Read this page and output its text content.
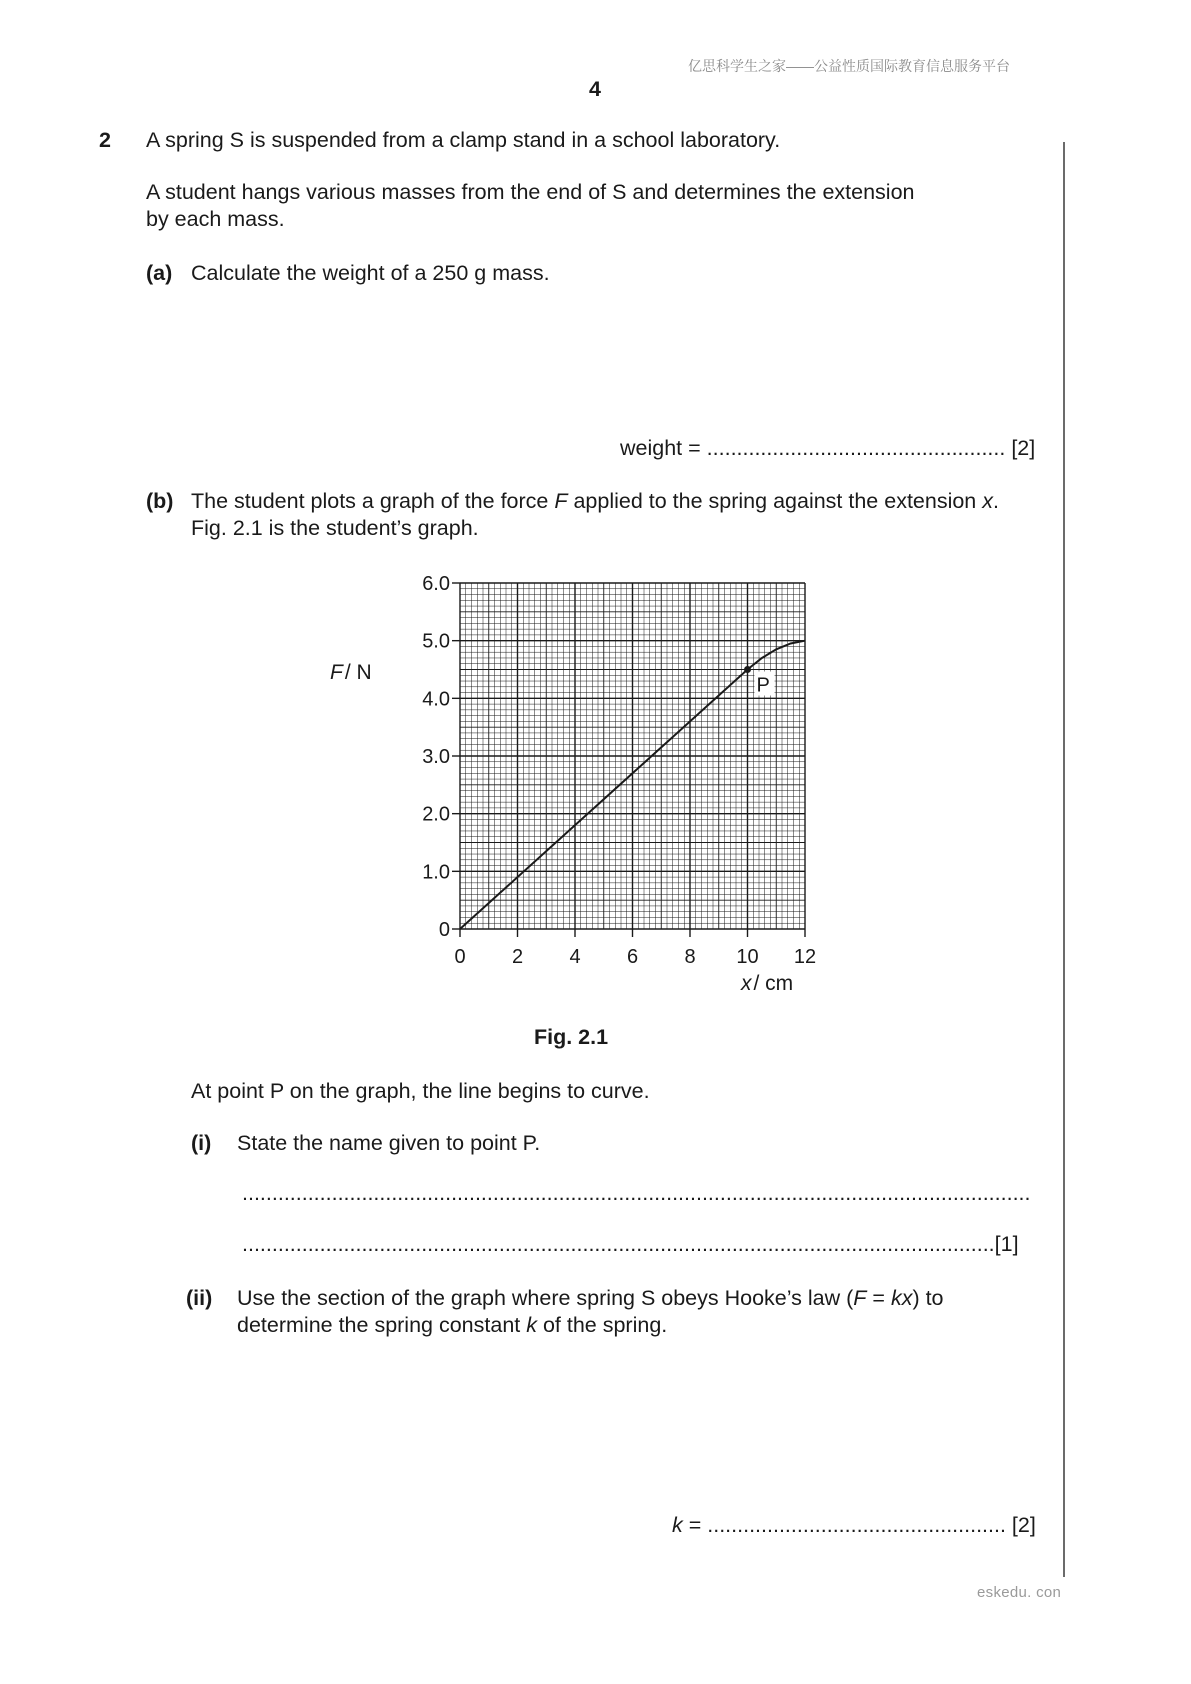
亿思科学生之家——公益性质国际教育信息服务平台
4
2 A spring S is suspended from a clamp stand in a school laboratory.
A student hangs various masses from the end of S and determines the extension
by each mass.
(a) Calculate the weight of a 250 g mass.
weight = .................................................. [2]
(b) The student plots a graph of the force F applied to the spring against the extension x.
Fig. 2.1 is the student’s graph.
0 2 4 6 8 10 12
0
1.0
2.0
3.0
4.0
5.0
6.0
P
F/ N
x/ cm
Fig. 2.1
At point P on the graph, the line begins to curve.
(i) State the name given to point P.
....................................................................................................................................
..............................................................................................................................[1]
(ii) Use the section of the graph where spring S obeys Hooke’s law (F = kx) to
determine the spring constant k of the spring.
k = .................................................. [2]
eskedu. con
